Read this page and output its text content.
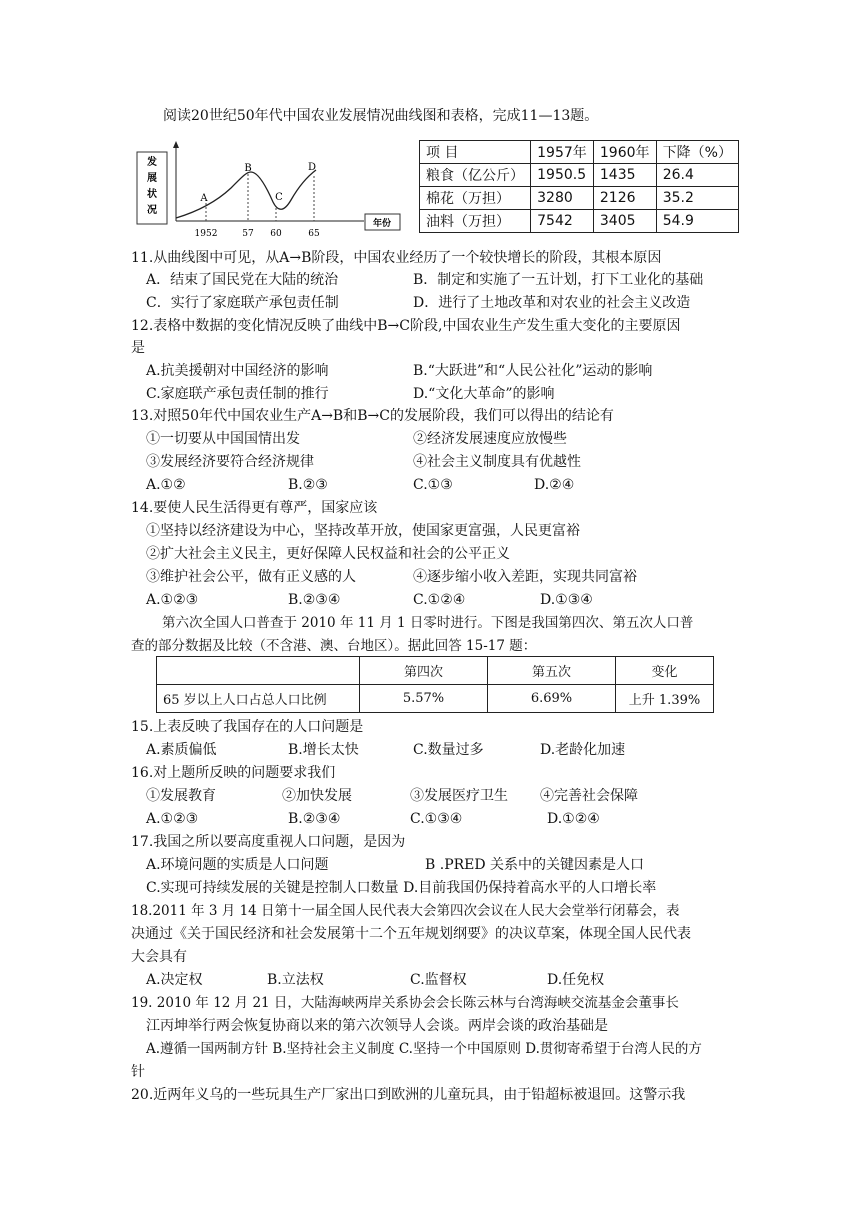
阅读20世纪50年代中国农业发展情况曲线图和表格，完成11—13题。
发
展
状
况
年份
A
B
C
D
1952	57 60	65
项 目	1957年	1960年	下降（%）
粮食（亿公斤）	1950.5	1435	26.4
棉花（万担）	3280	2126	35.2
油料（万担）	7542	3405	54.9
11.从曲线图中可见，从A→B阶段，中国农业经历了一个较快增长的阶段，其根本原因
A．结束了国民党在大陆的统治	B．制定和实施了一五计划，打下工业化的基础
C．实行了家庭联产承包责任制	D．进行了土地改革和对农业的社会主义改造
12.表格中数据的变化情况反映了曲线中B→C阶段,中国农业生产发生重大变化的主要原因
是
A.抗美援朝对中国经济的影响	B.“大跃进”和“人民公社化”运动的影响
C.家庭联产承包责任制的推行	D.“文化大革命”的影响
13.对照50年代中国农业生产A→B和B→C的发展阶段，我们可以得出的结论有
①一切要从中国国情出发	②经济发展速度应放慢些
③发展经济要符合经济规律	④社会主义制度具有优越性
A.①②	B.②③	C.①③	D.②④
14.要使人民生活得更有尊严，国家应该
①坚持以经济建设为中心，坚持改革开放，使国家更富强，人民更富裕
②扩大社会主义民主，更好保障人民权益和社会的公平正义
③维护社会公平，做有正义感的人	④逐步缩小收入差距，实现共同富裕
A.①②③	B.②③④	C.①②④	D.①③④
第六次全国人口普查于 2010 年 11 月 1 日零时进行。下图是我国第四次、第五次人口普
查的部分数据及比较（不含港、澳、台地区）。据此回答 15-17 题：
	第四次	第五次	变化
65 岁以上人口占总人口比例	5.57%	6.69%	上升 1.39%
15.上表反映了我国存在的人口问题是
A.素质偏低	B.增长太快	C.数量过多	D.老龄化加速
16.对上题所反映的问题要求我们
①发展教育	②加快发展	③发展医疗卫生 ④完善社会保障
A.①②③	B.②③④	C.①③④	D.①②④
17.我国之所以要高度重视人口问题，是因为
A.环境问题的实质是人口问题	B .PRED 关系中的关键因素是人口
C.实现可持续发展的关键是控制人口数量 D.目前我国仍保持着高水平的人口增长率
18.2011 年 3 月 14 日第十一届全国人民代表大会第四次会议在人民大会堂举行闭幕会，表
决通过《关于国民经济和社会发展第十二个五年规划纲要》的决议草案，体现全国人民代表
大会具有
A.决定权	B.立法权	C.监督权	D.任免权
19. 2010 年 12 月 21 日，大陆海峡两岸关系协会会长陈云林与台湾海峡交流基金会董事长
江丙坤举行两会恢复协商以来的第六次领导人会谈。两岸会谈的政治基础是
A.遵循一国两制方针 B.坚持社会主义制度 C.坚持一个中国原则 D.贯彻寄希望于台湾人民的方
针
20.近两年义乌的一些玩具生产厂家出口到欧洲的儿童玩具，由于铅超标被退回。这警示我
